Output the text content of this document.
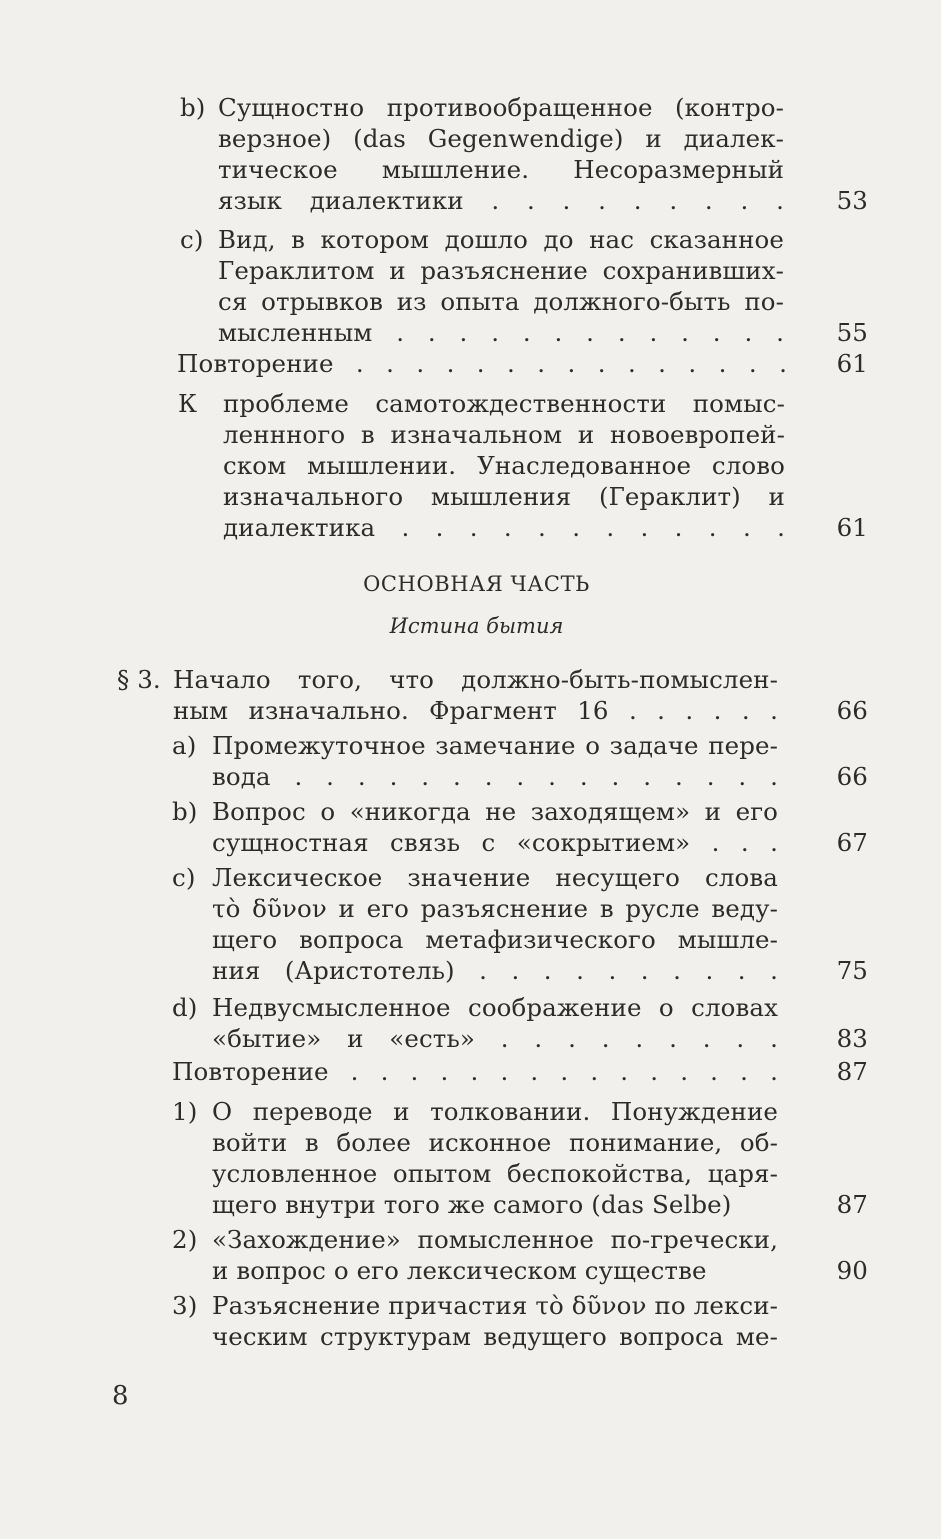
b) Сущностно противообращенное (контро-
верзное) (das Gegenwendige) и диалек-
тическое мышление. Несоразмерный
язык диалектики . . . . . . . . . 53
c) Вид, в котором дошло до нас сказанное
Гераклитом и разъяснение сохранивших-
ся отрывков из опыта должного-быть по-
мысленным . . . . . . . . . . . . . 55
Повторение . . . . . . . . . . . . . . .	61
К проблеме самотождественности помыс-
леннного в изначальном и новоевропей-
ском мышлении. Унаследованное слово
изначального мышления (Гераклит) и
диалектика . . . . . . . . . . . . 61
ОСНОВНАЯ ЧАСТЬ
Истина бытия
§ 3. Начало того, что должно-быть-помыслен-
ным изначально. Фрагмент 16 . . . . . . 66
a) Промежуточное замечание о задаче пере-
вода . . . . . . . . . . . . . . . . 66
b) Вопрос о «никогда не заходящем» и его
сущностная связь с «сокрытием» . . . 67
c) Лексическое значение несущего слова
τὸ δῦνον и его разъяснение в русле веду-
щего вопроса метафизического мышле-
ния (Аристотель) . . . . . . . . . . 75
d) Недвусмысленное соображение о словах
«бытие» и «есть» . . . . . . . . . 83
Повторение . . . . . . . . . . . . . . .	87
1) О переводе и толковании. Понуждение
войти в более исконное понимание, об-
условленное опытом беспокойства, царя-
щего внутри того же самого (das Selbe)	87
2) «Захождение» помысленное по-гречески,
и вопрос о его лексическом существе	90
3) Разъяснение причастия τὸ δῦνον по лекси-
ческим структурам ведущего вопроса ме-
8
